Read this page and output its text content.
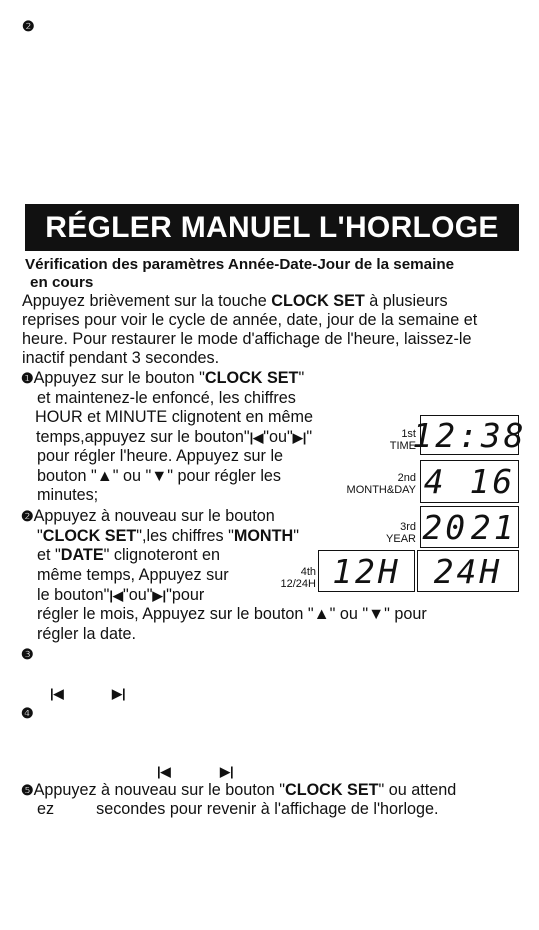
❷
RÉGLER MANUEL L'HORLOGE
Vérification des paramètres Année-Date-Jour de la semaine
en cours
Appuyez brièvement sur la touche CLOCK SET à plusieurs
reprises pour voir le cycle de année, date, jour de la semaine et
heure. Pour restaurer le mode d'affichage de l'heure, laissez-le
inactif pendant 3 secondes.
❶Appuyez sur le bouton "CLOCK SET"
et maintenez-le enfoncé, les chiffres
HOUR et MINUTE clignotent en même
temps,appuyez sur le bouton"|◀"ou"▶|"
pour régler l'heure. Appuyez sur le
bouton "▲" ou "▼" pour régler les
minutes;
❷Appuyez à nouveau sur le bouton
"CLOCK SET",les chiffres "MONTH"
et "DATE" clignoteront en
même temps, Appuyez sur
le bouton"|◀"ou"▶|"pour
régler le mois, Appuyez sur le bouton "▲" ou "▼" pour
régler la date.
❸
|◀	▶|
❹
|◀	▶|
❺Appuyez à nouveau sur le bouton "CLOCK SET" ou attend
ez	secondes pour revenir à l'affichage de l'horloge.
1st
TIME
12:38
2nd
MONTH&DAY 4 16
3rd
YEAR 20 21
4th
12/24H 12H 24H
